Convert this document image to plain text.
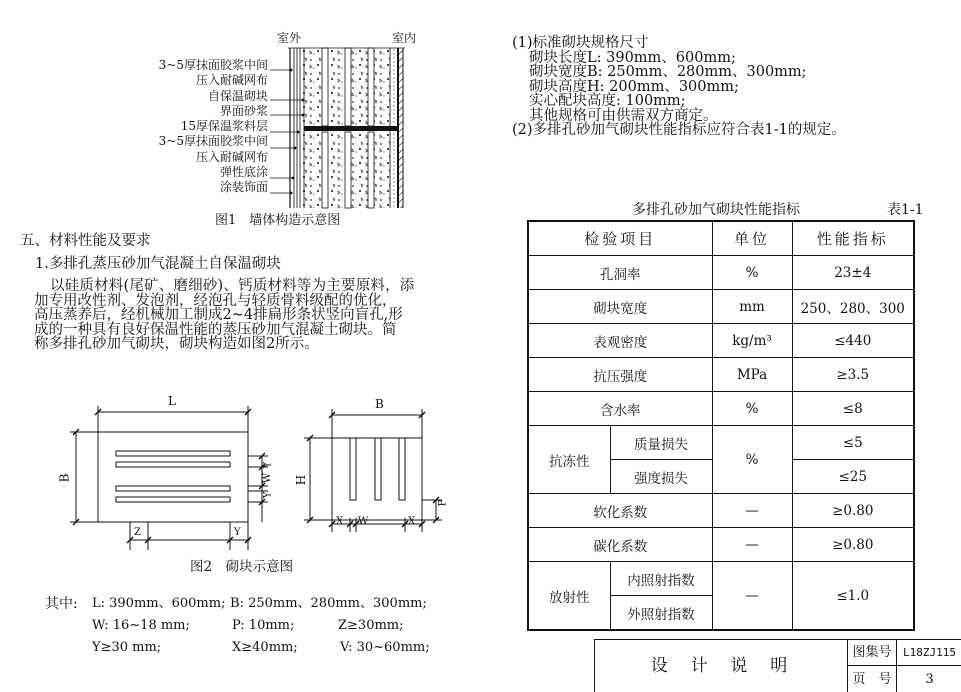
室外	室内
3~5厚抹面胶浆中间
压入耐碱网布
自保温砌块
界面砂浆
15厚保温浆料层
3~5厚抹面胶浆中间
压入耐碱网布
弹性底涂
涂装饰面
图1　墙体构造示意图
五、材料性能及要求
1.多排孔蒸压砂加气混凝土自保温砌块
以硅质材料(尾矿、磨细砂)、钙质材料等为主要原料，添
加专用改性剂、发泡剂，经泡孔与轻质骨料级配的优化，
高压蒸养后，经机械加工制成2~4排扁形条状竖向盲孔,形
成的一种具有良好保温性能的蒸压砂加气混凝土砌块。简
称多排孔砂加气砌块，砌块构造如图2所示。
L
B
Y
W
Y
Z	Y
B
H
P
X W	X
图2　砌块示意图
其中: L: 390mm、600mm; B: 250mm、280mm、300mm;
W: 16~18 mm;	P: 10mm;	Z≥30mm;
Y≥30 mm;	X≥40mm;	V: 30~60mm;
(1)标准砌块规格尺寸
砌块长度L: 390mm、600mm;
砌块宽度B: 250mm、280mm、300mm;
砌块高度H: 200mm、300mm;
实心配块高度: 100mm;
其他规格可由供需双方商定。
(2)多排孔砂加气砌块性能指标应符合表1-1的规定。
多排孔砂加气砌块性能指标	表1-1
检验项目		单位	性能指标
孔洞率		%	23±4
砌块宽度		mm	250、280、300
表观密度		kg/m³	≤440
抗压强度		MPa	≥3.5
含水率		%	≤8
抗冻性	质量损失	%	≤5
	强度损失		≤25
软化系数		—	≥0.80
碳化系数		—	≥0.80
放射性	内照射指数	—	≤1.0
	外照射指数		
设  计  说  明
图集号	L18ZJ115
页　号	3
